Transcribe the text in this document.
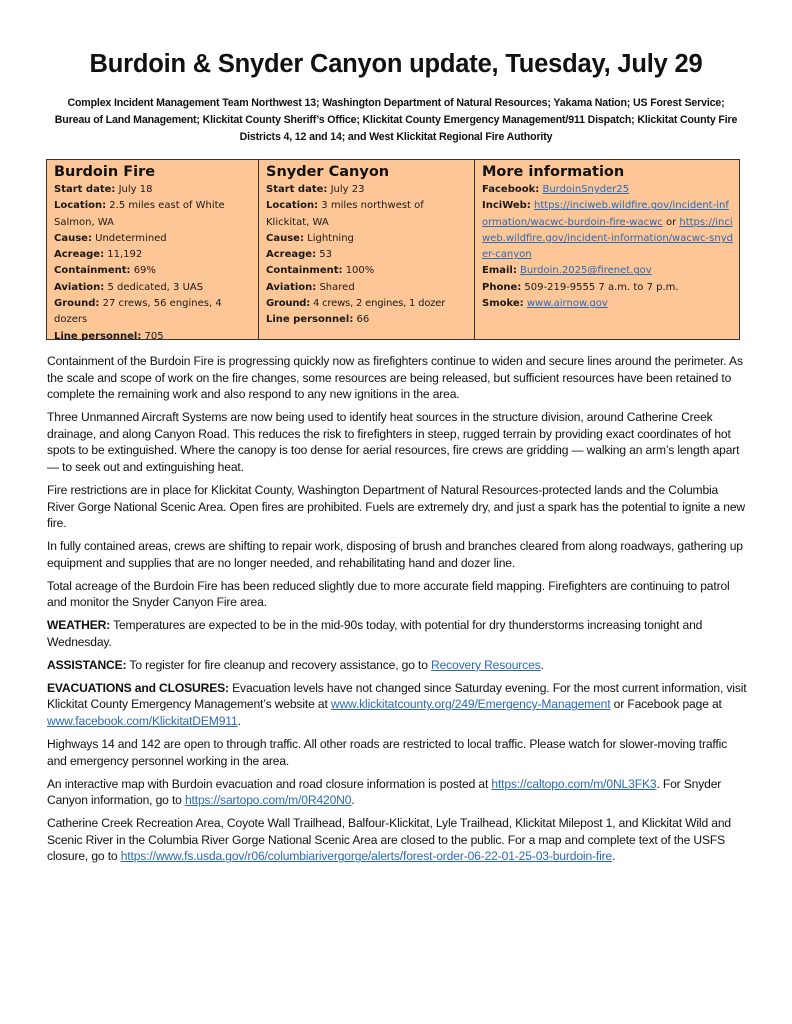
Burdoin & Snyder Canyon update, Tuesday, July 29
Complex Incident Management Team Northwest 13; Washington Department of Natural Resources; Yakama Nation; US Forest Service; Bureau of Land Management; Klickitat County Sheriff’s Office; Klickitat County Emergency Management/911 Dispatch; Klickitat County Fire Districts 4, 12 and 14; and West Klickitat Regional Fire Authority
Burdoin Fire
Start date: July 18
Location: 2.5 miles east of White Salmon, WA
Cause: Undetermined
Acreage: 11,192
Containment: 69%
Aviation: 5 dedicated, 3 UAS
Ground: 27 crews, 56 engines, 4 dozers
Line personnel: 705
Snyder Canyon
Start date: July 23
Location: 3 miles northwest of Klickitat, WA
Cause: Lightning
Acreage: 53
Containment: 100%
Aviation: Shared
Ground: 4 crews, 2 engines, 1 dozer
Line personnel: 66
More information
Facebook: BurdoinSnyder25
InciWeb: https://inciweb.wildfire.gov/incident-information/wacwc-burdoin-fire-wacwc or https://inciweb.wildfire.gov/incident-information/wacwc-snyder-canyon
Email: Burdoin.2025@firenet.gov
Phone: 509-219-9555 7 a.m. to 7 p.m.
Smoke: www.airnow.gov

Containment of the Burdoin Fire is progressing quickly now as firefighters continue to widen and secure lines around the perimeter. As the scale and scope of work on the fire changes, some resources are being released, but sufficient resources have been retained to complete the remaining work and also respond to any new ignitions in the area.

Three Unmanned Aircraft Systems are now being used to identify heat sources in the structure division, around Catherine Creek drainage, and along Canyon Road. This reduces the risk to firefighters in steep, rugged terrain by providing exact coordinates of hot spots to be extinguished. Where the canopy is too dense for aerial resources, fire crews are gridding — walking an arm’s length apart — to seek out and extinguishing heat.

Fire restrictions are in place for Klickitat County, Washington Department of Natural Resources-protected lands and the Columbia River Gorge National Scenic Area. Open fires are prohibited. Fuels are extremely dry, and just a spark has the potential to ignite a new fire.

In fully contained areas, crews are shifting to repair work, disposing of brush and branches cleared from along roadways, gathering up equipment and supplies that are no longer needed, and rehabilitating hand and dozer line.

Total acreage of the Burdoin Fire has been reduced slightly due to more accurate field mapping. Firefighters are continuing to patrol and monitor the Snyder Canyon Fire area.

WEATHER: Temperatures are expected to be in the mid-90s today, with potential for dry thunderstorms increasing tonight and Wednesday.

ASSISTANCE: To register for fire cleanup and recovery assistance, go to Recovery Resources.

EVACUATIONS and CLOSURES: Evacuation levels have not changed since Saturday evening. For the most current information, visit Klickitat County Emergency Management’s website at www.klickitatcounty.org/249/Emergency-Management or Facebook page at www.facebook.com/KlickitatDEM911.

Highways 14 and 142 are open to through traffic. All other roads are restricted to local traffic. Please watch for slower-moving traffic and emergency personnel working in the area.

An interactive map with Burdoin evacuation and road closure information is posted at https://caltopo.com/m/0NL3FK3. For Snyder Canyon information, go to https://sartopo.com/m/0R420N0.

Catherine Creek Recreation Area, Coyote Wall Trailhead, Balfour-Klickitat, Lyle Trailhead, Klickitat Milepost 1, and Klickitat Wild and Scenic River in the Columbia River Gorge National Scenic Area are closed to the public. For a map and complete text of the USFS closure, go to https://www.fs.usda.gov/r06/columbiarivergorge/alerts/forest-order-06-22-01-25-03-burdoin-fire.
